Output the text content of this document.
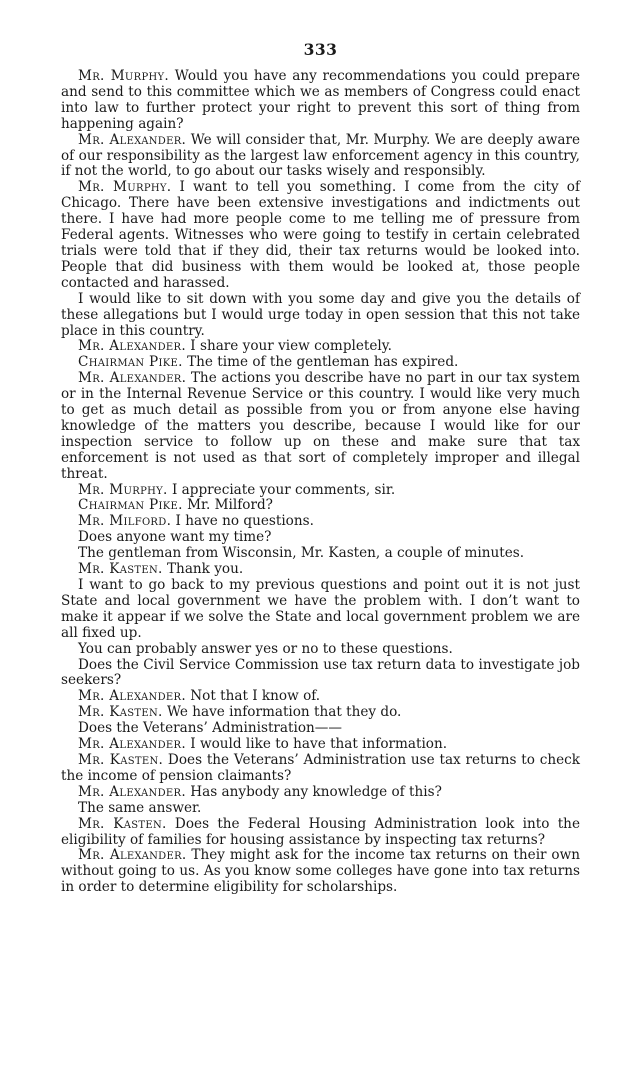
333

Mr. Murphy. Would you have any recommendations you could prepare and send to this committee which we as members of Congress could enact into law to further protect your right to prevent this sort of thing from happening again?

Mr. Alexander. We will consider that, Mr. Murphy. We are deeply aware of our responsibility as the largest law enforcement agency in this country, if not the world, to go about our tasks wisely and responsibly.

Mr. Murphy. I want to tell you something. I come from the city of Chicago. There have been extensive investigations and indictments out there. I have had more people come to me telling me of pressure from Federal agents. Witnesses who were going to testify in certain celebrated trials were told that if they did, their tax returns would be looked into. People that did business with them would be looked at, those people contacted and harassed.

I would like to sit down with you some day and give you the details of these allegations but I would urge today in open session that this not take place in this country.

Mr. Alexander. I share your view completely.

Chairman Pike. The time of the gentleman has expired.

Mr. Alexander. The actions you describe have no part in our tax system or in the Internal Revenue Service or this country. I would like very much to get as much detail as possible from you or from anyone else having knowledge of the matters you describe, because I would like for our inspection service to follow up on these and make sure that tax enforcement is not used as that sort of completely improper and illegal threat.

Mr. Murphy. I appreciate your comments, sir.

Chairman Pike. Mr. Milford?

Mr. Milford. I have no questions.

Does anyone want my time?

The gentleman from Wisconsin, Mr. Kasten, a couple of minutes.

Mr. Kasten. Thank you.

I want to go back to my previous questions and point out it is not just State and local government we have the problem with. I don’t want to make it appear if we solve the State and local government problem we are all fixed up.

You can probably answer yes or no to these questions.

Does the Civil Service Commission use tax return data to investigate job seekers?

Mr. Alexander. Not that I know of.

Mr. Kasten. We have information that they do.

Does the Veterans’ Administration——

Mr. Alexander. I would like to have that information.

Mr. Kasten. Does the Veterans’ Administration use tax returns to check the income of pension claimants?

Mr. Alexander. Has anybody any knowledge of this?

The same answer.

Mr. Kasten. Does the Federal Housing Administration look into the eligibility of families for housing assistance by inspecting tax returns?

Mr. Alexander. They might ask for the income tax returns on their own without going to us. As you know some colleges have gone into tax returns in order to determine eligibility for scholarships.
